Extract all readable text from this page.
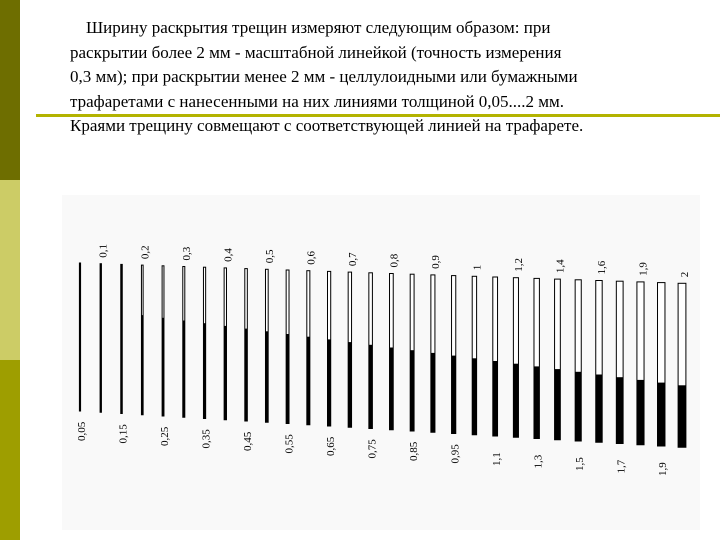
Ширину раскрытия трещин измеряют следующим образом: при
раскрытии более 2 мм - масштабной линейкой (точность измерения
0,3 мм); при раскрытии менее 2 мм - целлулоидными или бумажными
трафаретами с нанесенными на них линиями толщиной 0,05....2 мм.
Краями трещину совмещают с соответствующей линией на трафарете.

0,05
0,1
0,15
0,2
0,25
0,3
0,35
0,4
0,45
0,5
0,55
0,6
0,65
0,7
0,75
0,8
0,85
0,9
0,95
1
1,1
1,2
1,3
1,4
1,5
1,6
1,7
1,9
1,9
2
